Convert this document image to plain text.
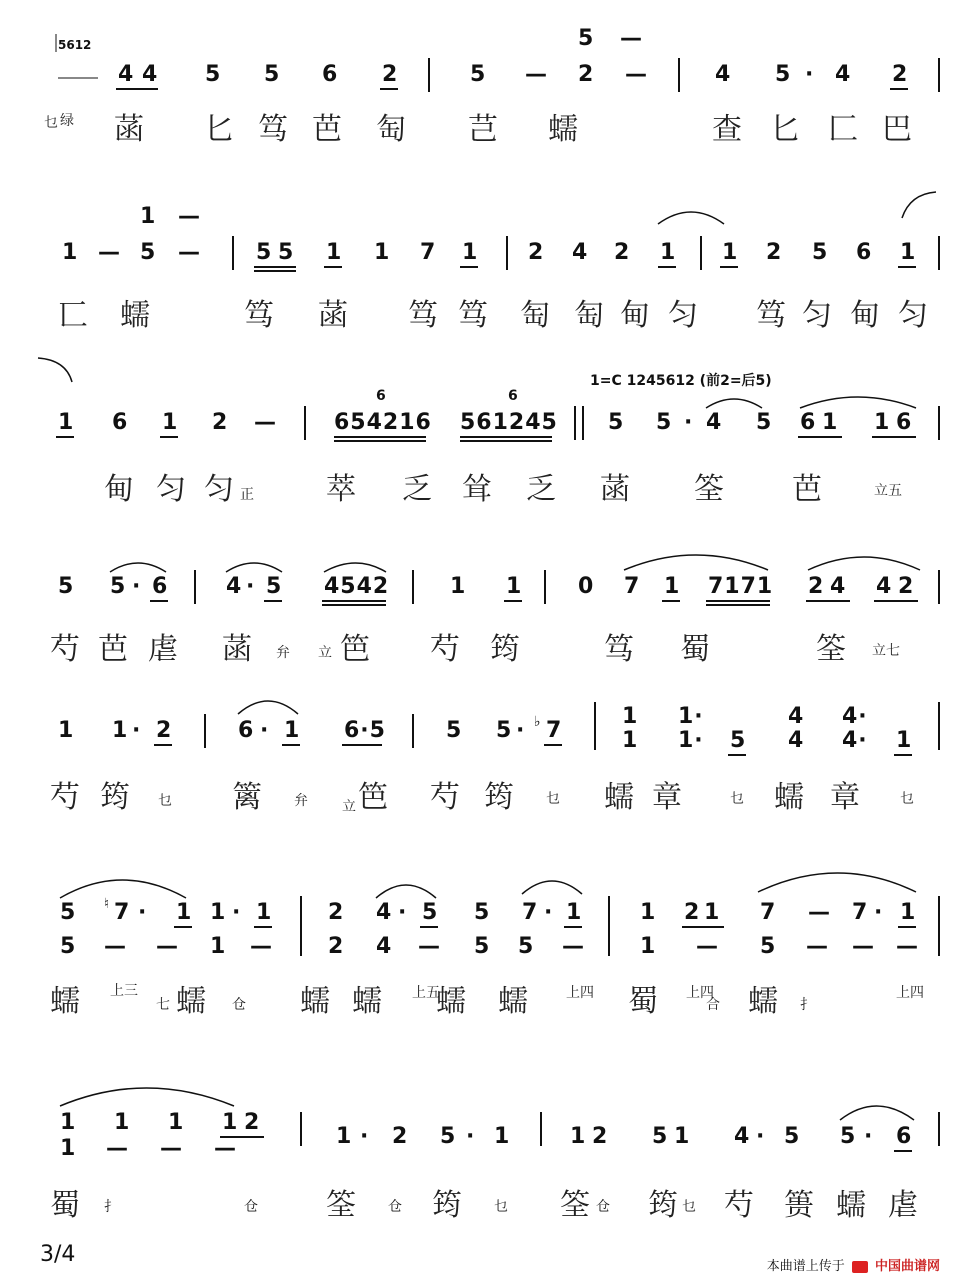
5612
4 4 5 5 6 2	5 — 2
5 —
—	4 5 · 4 2
乜 绿 菡 匕 笃 芭 匋 芑 蠕	查 匕 匚 巴
1 — 5
1 —
—	5 5 1 1 7 1 2 4 2 1 1 2 5 6 1
匸 蠕	笃 菡 笃 笃 匋 匋 甸 匀 笃 匀 甸 匀
1 6 1 2 —
6
654216
6
561245
1=C 1245612 (前2=后5)
5 5 · 4 5 6 1 1 6
甸 匀 匀 正 萃 乏 耸 乏 菡 筌 芭	立五
5 5 · 6	4 · 5 4542	1 1	0 7 1 7171 2 4 4 2
芍 芭 虐 菡 弁 立 笆 芍 筠	笃 蜀	筌 立七
1 1 · 2	6 · 1 6·5	5 5 · ♭ 7
1
1
1·
1· 5
4
4
4·
4· 1
芍 筠 乜 篱 弁 立 笆 芍 筠 乜 蠕 章	乜 蠕 章	乜
5 ♮ 7 · 1 1 · 1
5 — — 1 —
2 4 · 5 5 7 · 1
2 4 — 5 5 —
1 2 1 7 — 7 · 1
1 — 5 — — —
蠕 上三
七 蠕 仓 蠕 蠕 上五
蠕 蠕	上四 蜀 上四
合 蠕 扌
上四
1 1 1 1 2
1 — — —	1 · 2 5 · 1	1 2 5 1 4 · 5 5 · 6
蜀 扌	仓 筌 仓 筠 乜 筌 仓 筠 乜 芍 篑 蠕 虐
3/4	本曲谱上传于 中国曲谱网
